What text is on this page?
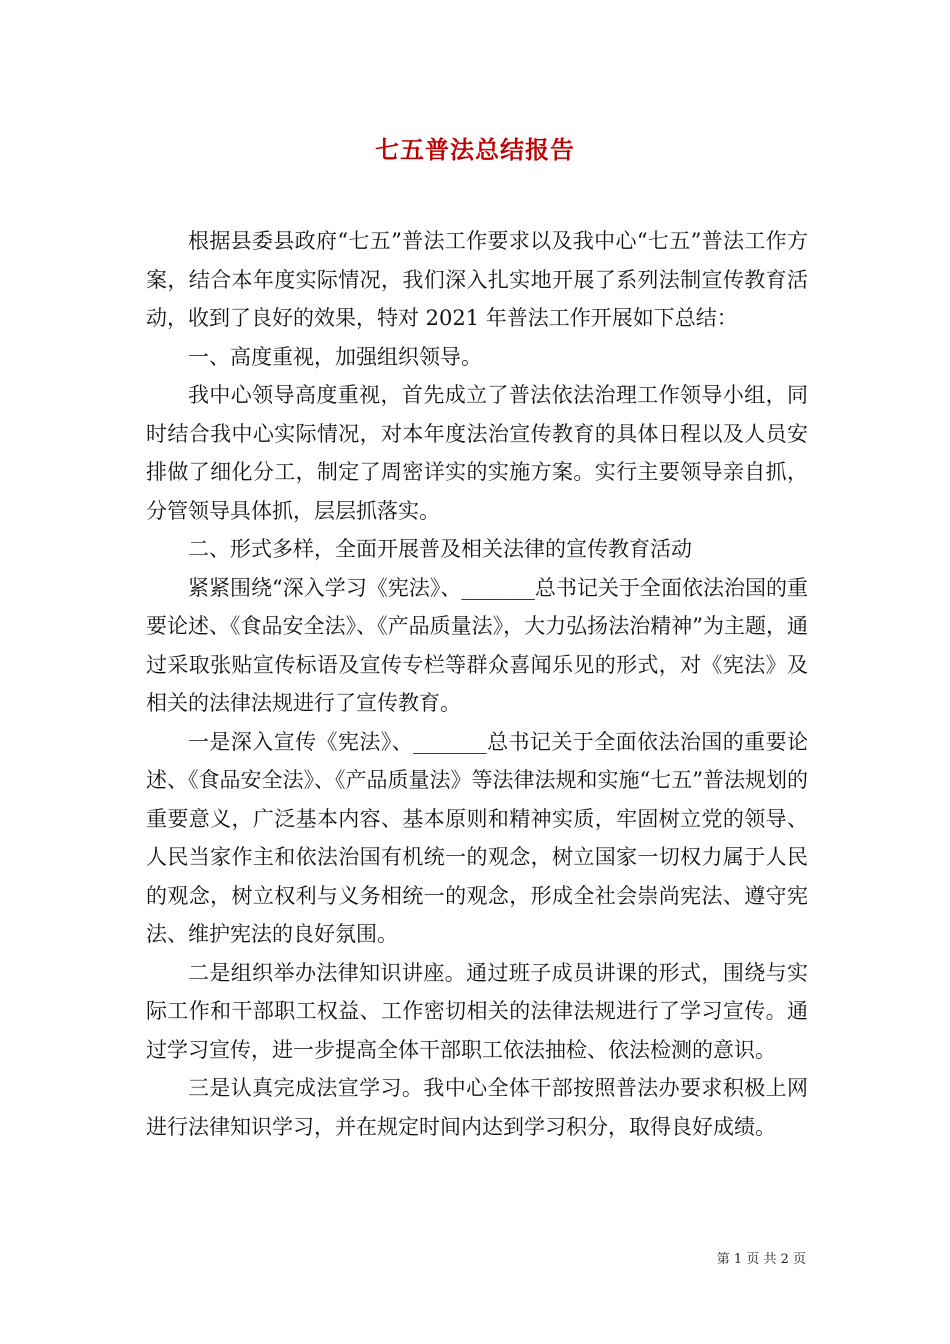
七五普法总结报告

根据县委县政府“七五”普法工作要求以及我中心“七五”普法工作方案，结合本年度实际情况，我们深入扎实地开展了系列法制宣传教育活动，收到了良好的效果，特对 2021 年普法工作开展如下总结：

一、高度重视，加强组织领导。

我中心领导高度重视，首先成立了普法依法治理工作领导小组，同时结合我中心实际情况，对本年度法治宣传教育的具体日程以及人员安排做了细化分工，制定了周密详实的实施方案。实行主要领导亲自抓，分管领导具体抓，层层抓落实。

二、形式多样，全面开展普及相关法律的宣传教育活动

紧紧围绕“深入学习《宪法》、_______总书记关于全面依法治国的重要论述、《食品安全法》、《产品质量法》，大力弘扬法治精神”为主题，通过采取张贴宣传标语及宣传专栏等群众喜闻乐见的形式，对《宪法》及相关的法律法规进行了宣传教育。

一是深入宣传《宪法》、_______总书记关于全面依法治国的重要论述、《食品安全法》、《产品质量法》等法律法规和实施“七五”普法规划的重要意义，广泛基本内容、基本原则和精神实质，牢固树立党的领导、人民当家作主和依法治国有机统一的观念，树立国家一切权力属于人民的观念，树立权利与义务相统一的观念，形成全社会崇尚宪法、遵守宪法、维护宪法的良好氛围。

二是组织举办法律知识讲座。通过班子成员讲课的形式，围绕与实际工作和干部职工权益、工作密切相关的法律法规进行了学习宣传。通过学习宣传，进一步提高全体干部职工依法抽检、依法检测的意识。

三是认真完成法宣学习。我中心全体干部按照普法办要求积极上网进行法律知识学习，并在规定时间内达到学习积分，取得良好成绩。

第 1 页 共 2 页
